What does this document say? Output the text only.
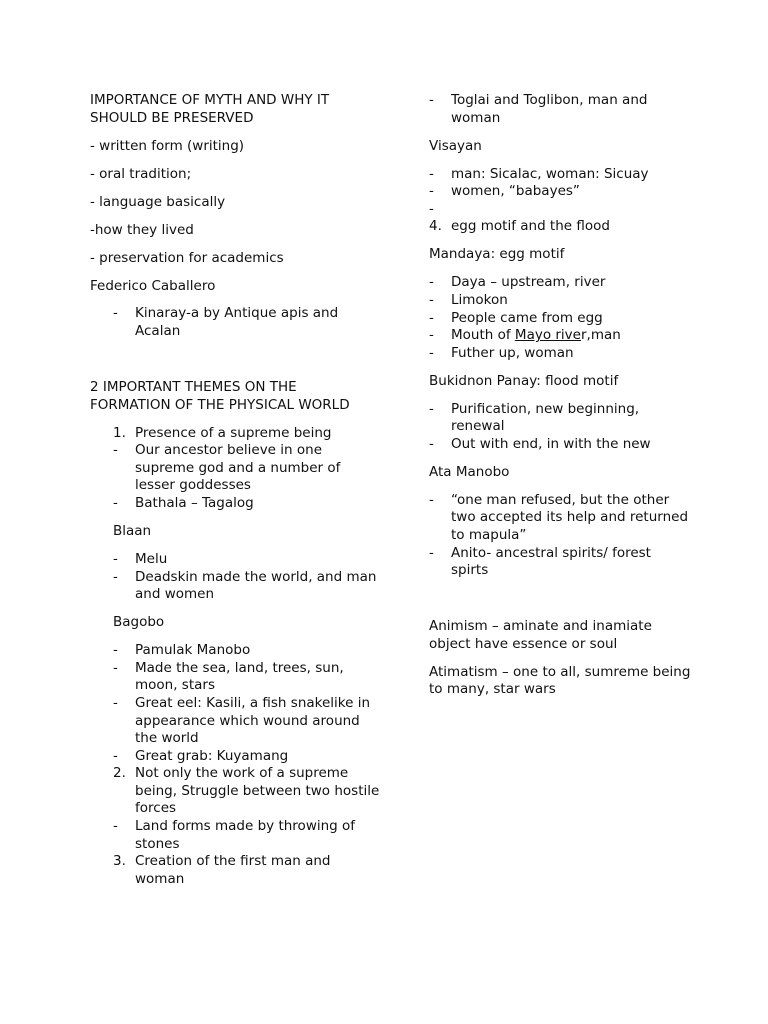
IMPORTANCE OF MYTH AND WHY IT SHOULD BE PRESERVED

- written form (writing)

- oral tradition;

- language basically

-how they lived

- preservation for academics

Federico Caballero

- Kinaray-a by Antique apis and Acalan

2 IMPORTANT THEMES ON THE FORMATION OF THE PHYSICAL WORLD

1. Presence of a supreme being
- Our ancestor believe in one supreme god and a number of lesser goddesses
- Bathala – Tagalog

Blaan

- Melu
- Deadskin made the world, and man and women

Bagobo

- Pamulak Manobo
- Made the sea, land, trees, sun, moon, stars
- Great eel: Kasili, a fish snakelike in appearance which wound around the world
- Great grab: Kuyamang
2. Not only the work of a supreme being, Struggle between two hostile forces
- Land forms made by throwing of stones
3. Creation of the first man and woman
- Toglai and Toglibon, man and woman

Visayan

- man: Sicalac, woman: Sicuay
- women, “babayes”
-

4. egg motif and the flood

Mandaya: egg motif

- Daya – upstream, river
- Limokon
- People came from egg
- Mouth of Mayo river,man
- Futher up, woman

Bukidnon Panay: flood motif

- Purification, new beginning, renewal
- Out with end, in with the new

Ata Manobo

- “one man refused, but the other two accepted its help and returned to mapula”
- Anito- ancestral spirits/ forest spirts

Animism – aminate and inamiate object have essence or soul

Atimatism – one to all, sumreme being to many, star wars
